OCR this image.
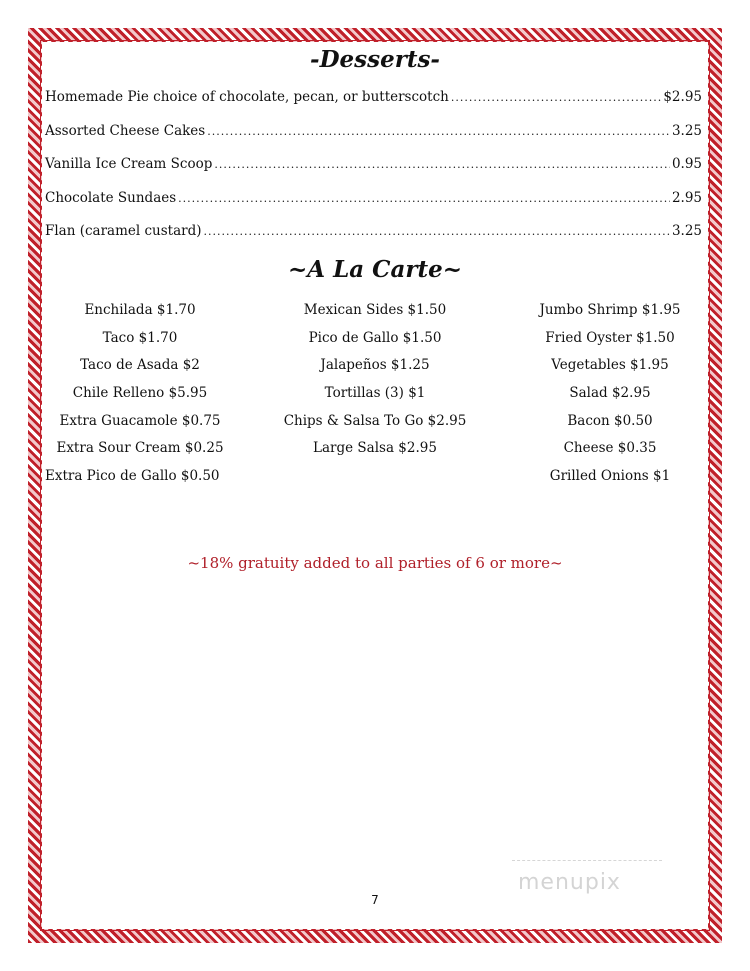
-Desserts-
Homemade Pie choice of chocolate, pecan, or butterscotch .....	$2.95
Assorted Cheese Cakes .....	3.25
Vanilla Ice Cream Scoop .....	0.95
Chocolate Sundaes .....	2.95
Flan (caramel custard) .....	3.25
~A La Carte~
Enchilada $1.70
Taco $1.70
Taco de Asada $2
Chile Relleno $5.95
Extra Guacamole $0.75
Extra Sour Cream $0.25
Extra Pico de Gallo $0.50
Mexican Sides $1.50
Pico de Gallo $1.50
Jalapeños $1.25
Tortillas (3) $1
Chips & Salsa To Go $2.95
Large Salsa $2.95
Jumbo Shrimp $1.95
Fried Oyster $1.50
Vegetables $1.95
Salad $2.95
Bacon $0.50
Cheese $0.35
Grilled Onions $1
~18% gratuity added to all parties of 6 or more~
7
menupix
